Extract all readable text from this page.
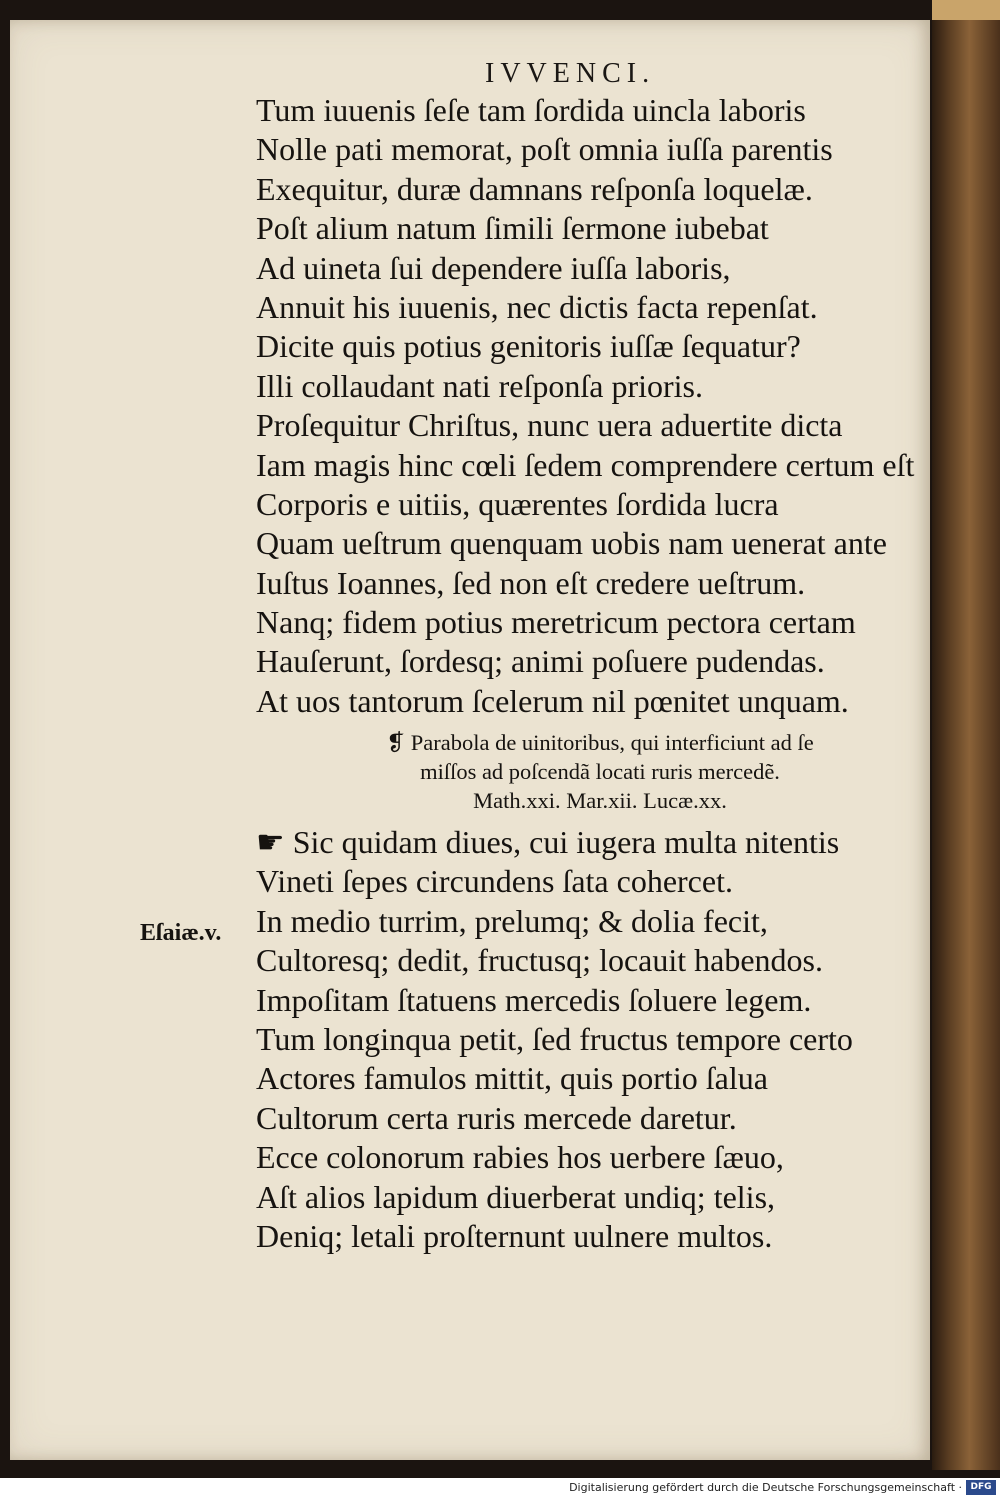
IVVENCI.
Tum iuuenis ſeſe tam ſordida uincla laboris
Nolle pati memorat, poſt omnia iuſſa parentis
Exequitur, duræ damnans reſponſa loquelæ.
Poſt alium natum ſimili ſermone iubebat
Ad uineta ſui dependere iuſſa laboris,
Annuit his iuuenis, nec dictis facta repenſat.
Dicite quis potius genitoris iuſſæ ſequatur?
Illi collaudant nati reſponſa prioris.
Proſequitur Chriſtus, nunc uera aduertite dicta
Iam magis hinc cœli ſedem comprendere certum eſt
Corporis e uitiis, quærentes ſordida lucra
Quam ueſtrum quenquam uobis nam uenerat ante
Iuſtus Ioannes, ſed non eſt credere ueſtrum.
Nanq; fidem potius meretricum pectora certam
Hauſerunt, ſordesq; animi poſuere pudendas.
At uos tantorum ſcelerum nil pœnitet unquam.
❡ Parabola de uinitoribus, qui interficiunt ad ſe
miſſos ad poſcendã locati ruris mercedẽ.
Math.xxi. Mar.xii. Lucæ.xx.
Eſaiæ.v.
☛ Sic quidam diues, cui iugera multa nitentis
Vineti ſepes circundens ſata cohercet.
In medio turrim, prelumq; & dolia fecit,
Cultoresq; dedit, fructusq; locauit habendos.
Impoſitam ſtatuens mercedis ſoluere legem.
Tum longinqua petit, ſed fructus tempore certo
Actores famulos mittit, quis portio ſalua
Cultorum certa ruris mercede daretur.
Ecce colonorum rabies hos uerbere ſæuo,
Aſt alios lapidum diuerberat undiq; telis,
Deniq; letali proſternunt uulnere multos.
Digitalisierung gefördert durch die Deutsche Forschungsgemeinschaft · DFG
